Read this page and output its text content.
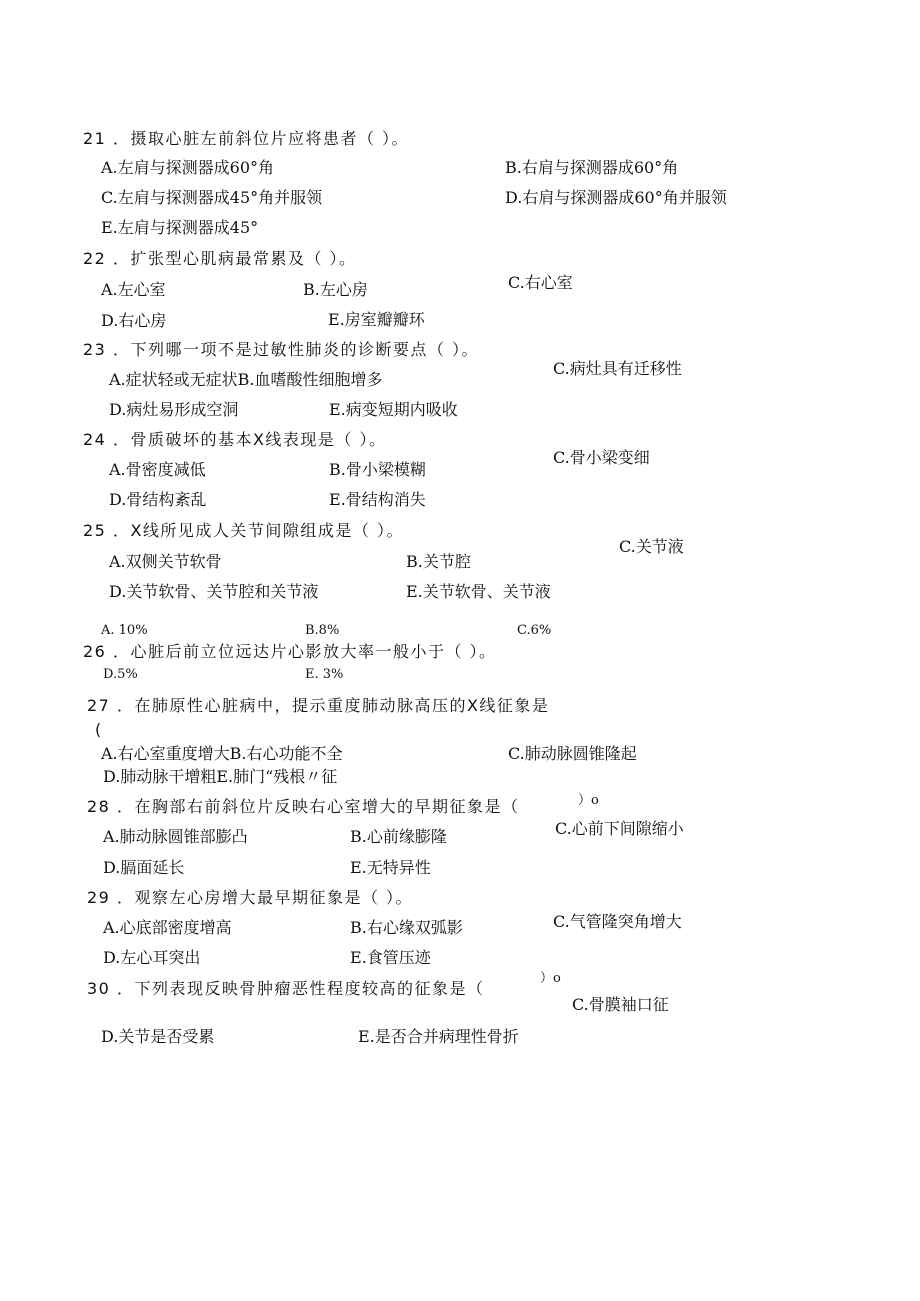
21 ．摄取心脏左前斜位片应将患者（ ）。
A.左肩与探测器成60°角	B.右肩与探测器成60°角
C.左肩与探测器成45°角并服领	D.右肩与探测器成60°角并服领
E.左肩与探测器成45°
22 ．扩张型心肌病最常累及（ ）。
A.左心室	B.左心房	C.右心室
D.右心房	E.房室瓣瓣环
23 ．下列哪一项不是过敏性肺炎的诊断要点（ ）。
A.症状轻或无症状B.血嗜酸性细胞增多
C.病灶具有迁移性
D.病灶易形成空洞	E.病变短期内吸收
24 ．骨质破坏的基本X线表现是（ ）。
A.骨密度减低	B.骨小梁模糊
C.骨小梁变细
D.骨结构紊乱	E.骨结构消失
25 ．X线所见成人关节间隙组成是（ ）。
A.双侧关节软骨	B.关节腔
C.关节液
D.关节软骨、关节腔和关节液	E.关节软骨、关节液
A. 10%	B.8%	C.6%
26 ．心脏后前立位远达片心影放大率一般小于（ ）。
D.5%	E. 3%
27 ．在肺原性心脏病中，提示重度肺动脉高压的X线征象是
(
A.右心室重度增大B.右心功能不全	C.肺动脉圆锥隆起
D.肺动脉干增粗E.肺门“残根〃征
28 ．在胸部右前斜位片反映右心室增大的早期征象是（	）o
A.肺动脉圆锥部膨凸	B.心前缘膨隆	C.心前下间隙缩小
D.膈面延长	E.无特异性
29 ．观察左心房增大最早期征象是（ ）。
A.心底部密度增高	B.右心缘双弧影	C.气管隆突角增大
D.左心耳突出	E.食管压迹
30 ．下列表现反映骨肿瘤恶性程度较高的征象是（
）o
C.骨膜袖口征
D.关节是否受累	E.是否合并病理性骨折
